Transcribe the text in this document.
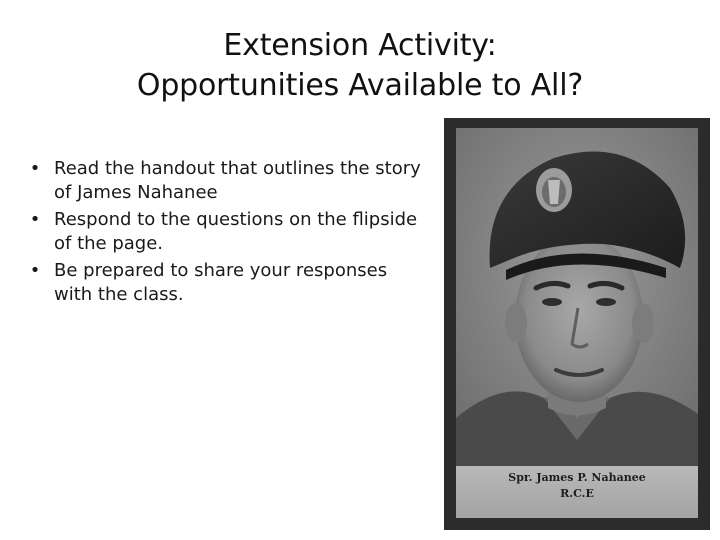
Extension Activity:
Opportunities Available to All?
• Read the handout that outlines the story of James Nahanee
• Respond to the questions on the flipside of the page.
• Be prepared to share your responses with the class.
Spr. James P. Nahanee
R.C.E
